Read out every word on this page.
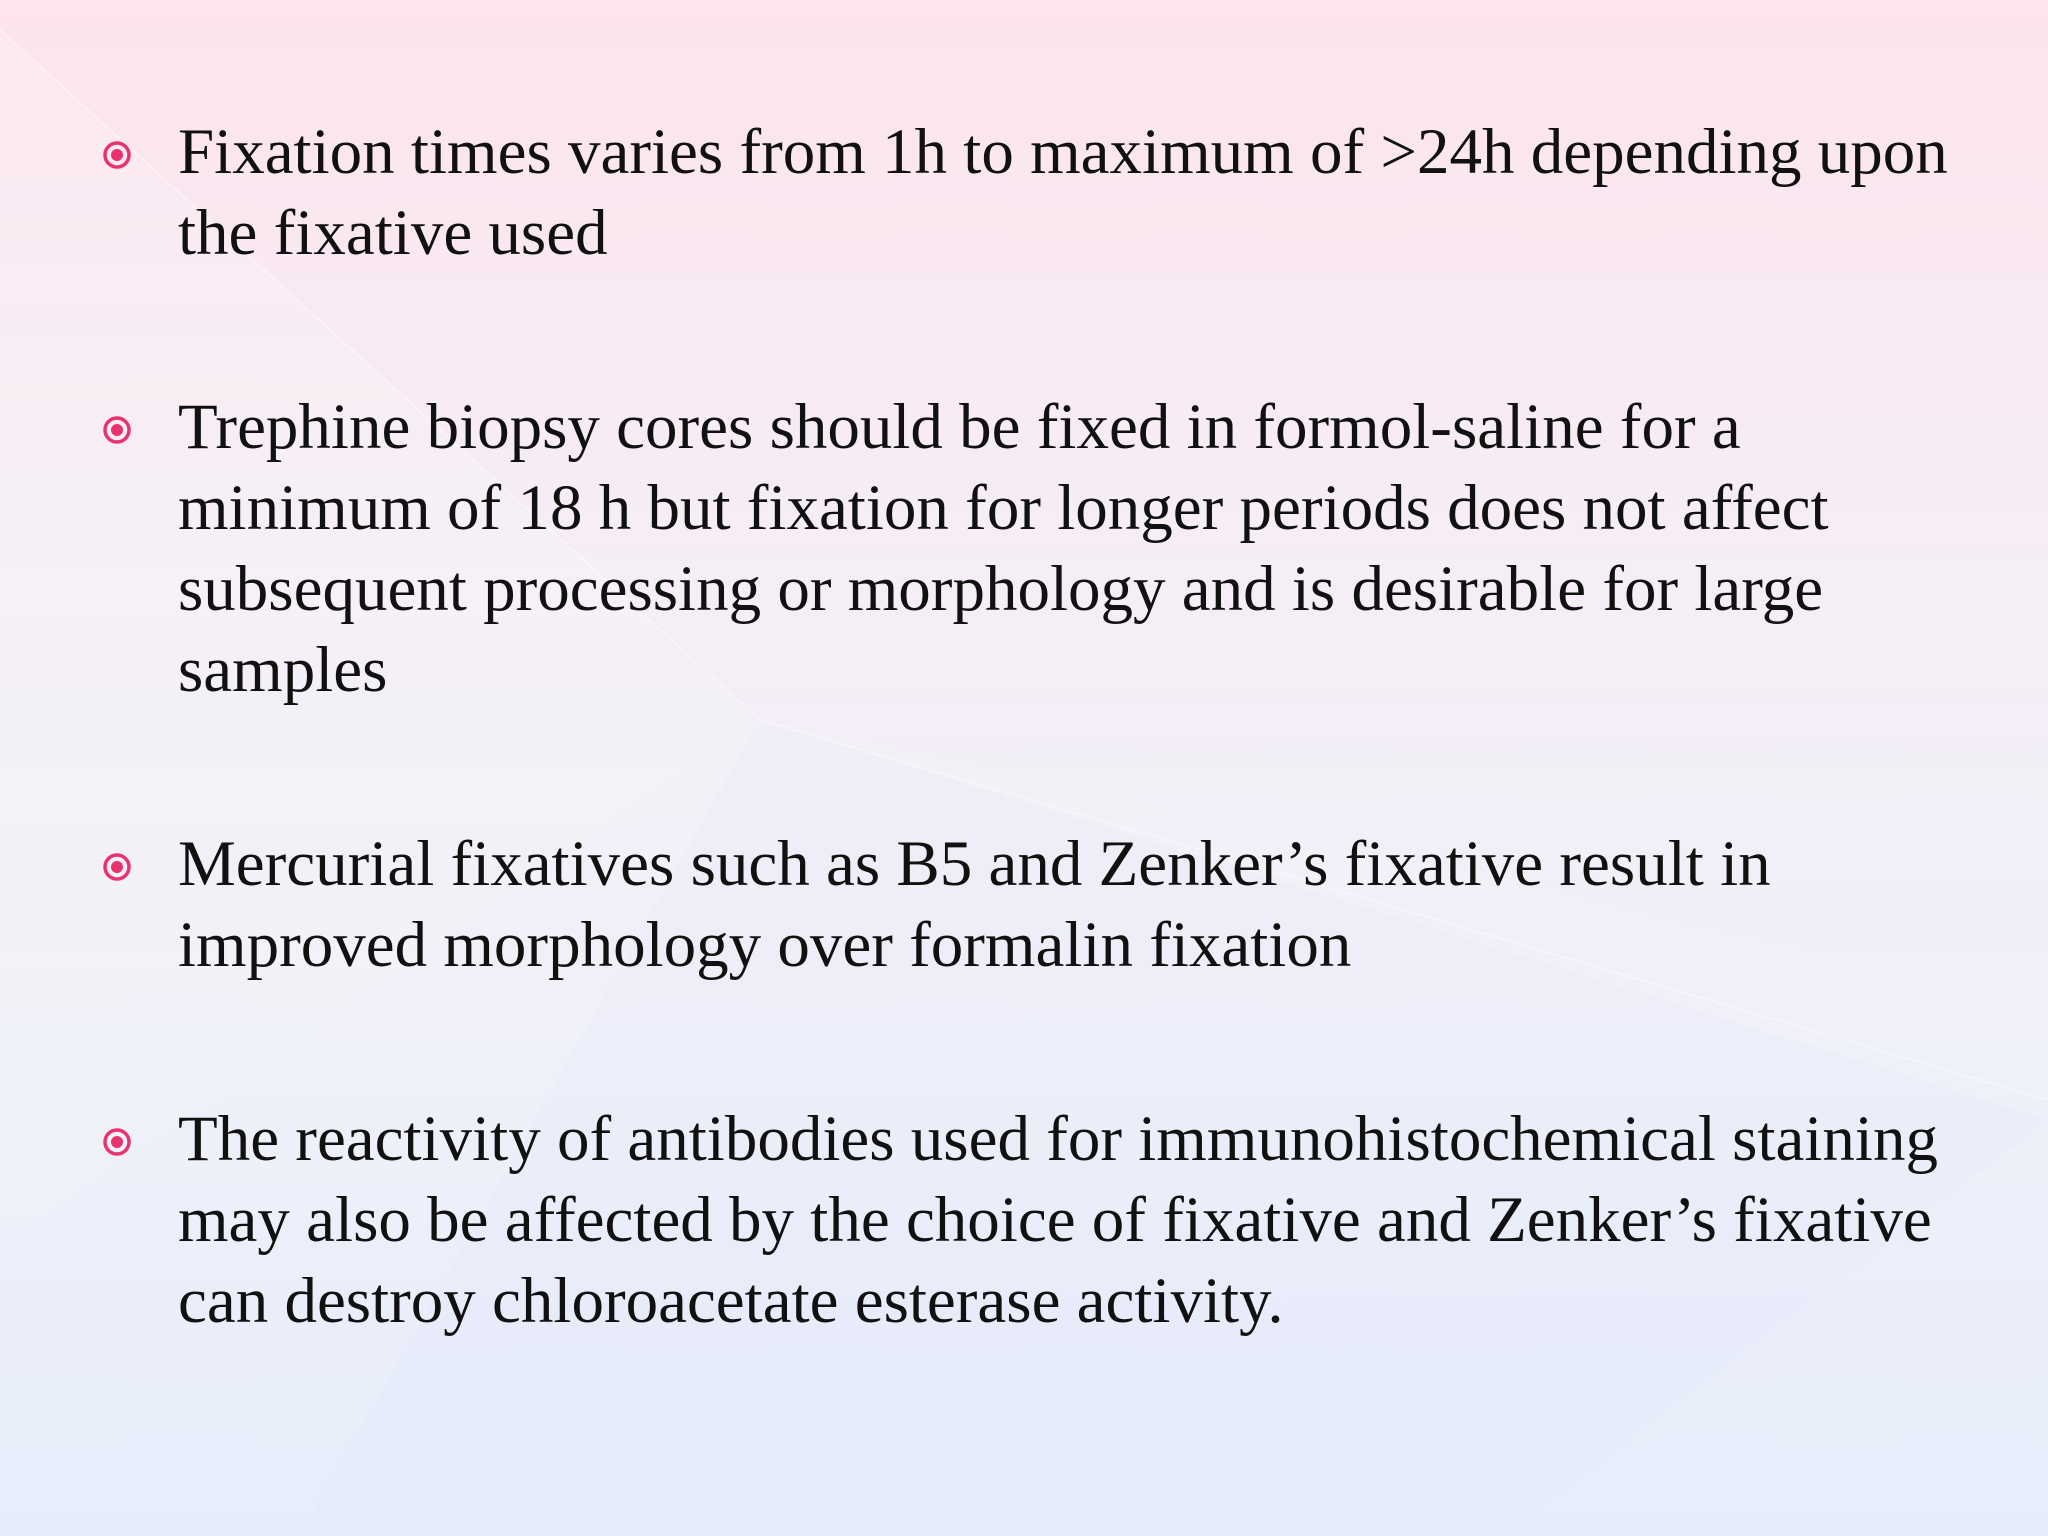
Fixation times varies from 1h to maximum of >24h depending upon the fixative used
Trephine biopsy cores should be fixed in formol-saline for a minimum of 18 h but fixation for longer periods does not affect subsequent processing or morphology and is desirable for large samples
Mercurial fixatives such as B5 and Zenker’s fixative result in improved morphology over formalin fixation
The reactivity of antibodies used for immunohistochemical staining may also be affected by the choice of fixative and Zenker’s fixative can destroy chloroacetate esterase activity.
